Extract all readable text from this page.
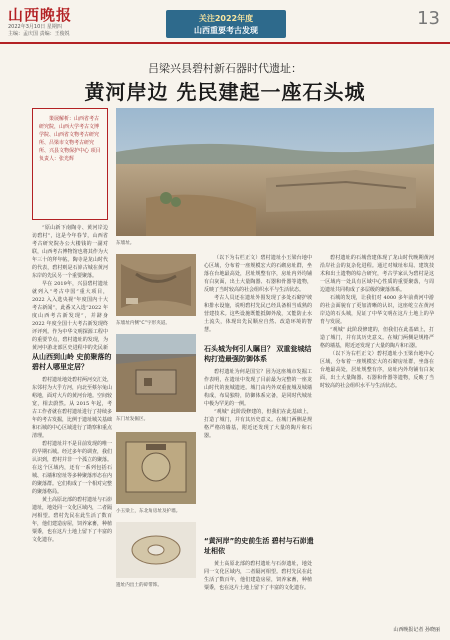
山西晚报
2022年3月10日 星期四
主编：孟庆国 责编：王俊锐
关注2022年度
山西重要考古发现
13
吕梁兴县碧村新石器时代遗址：
黄河岸边 先民建起一座石头城
策展解析：山西省考古研究院，山西大学考古文博学院、山西省文物考古研究所、吕梁市文物考古研究所、兴县文物保护中心 项目负责人：张光辉

“原山新下南陶寺、黄河岸边访碧村”，这是今年春节，山西省考古研究院办公大楼钱的一副对联，山西考古博物馆也将其作为大年三十的拜年帖。陶寺是龙山时代的代表，碧村则是石峁古城在黄河东岸的先民另一个重要聚落。

早在 2019年，兴县碧村遗址就列入“考古中国”重大项目，2022 入入选央视“年度国内十大考古新闻”，此番又入选“2022 年度山西考古新发现”，并跻身 2022 年度全国十大考古新发现终评评列。作为中华文明探源工程中的重要节点，碧村遗址的发现，为黄河中游北部区史进程中的先民新

从山西到山岭 史前聚落的碧村人哪里定居？

碧村遗址地处碧村两河交汇处，东邻村为大乎方河，向北至蔡尔兔山峪地，面对大片的黄河台地。空间较宽，相去蔚然。从 2015 年起，考古工作者就在碧村遗址进行了持续多年的考古发掘，比例于遗址城关基础和石城的中心区域进行了勘察和重点清理。

碧村遗址并不是目前发现的唯一的早期石城。经过多年的调查，我们认识到，碧村并非一个孤立的聚落。在这个区域内，还有一系列包括石城、石墙和窑址等多种聚落形态在内的聚落群。它们构成了一个相对完整的聚落格局。

黄土高原北部的碧村遗址与石峁遗址，地处同一文化区域内，二者隔河相望。碧村先民在此生活了数百年，他们建造房屋，饲养家畜，种植粟黍，也在这片土地上留下了丰富的文化遗存。

东墙址。
东墙址内侧“C”字形夹道。
东门址发掘区。
小玉梁上，东北角房址及护墙。
遗址内出土的碎带饰。

（以下为右栏正文）碧村遗址小玉梁台地中心区域，分布着一座规模宏大的石砌房址群，坐落在台地最高处，居址规整有序，房址内外均铺有白灰面，出土大量陶器、石器和骨器等遗物，反映了当时较高的社会组织水平与生活状态。

考古人员还在遗址外围发现了多处石砌护坡和排水设施，说明碧村先民已经具备相当成熟的营建技术。这些设施既能抵御外敌，又能防止水土流失，体现出先民顺应自然、改造环境的智慧。

石头城为何引人瞩目？ 双重瓮城结构打造最强防御体系

碧村遗址为何是国宝？因为这座城市发掘工作表明，在遗址中发现了目前最为完整的一座龙山时代的瓮城遗迹。城门由内外双重瓮城及城墙构成，布局独特，防御体系完备，是同时代城址中极为罕见的一例。

“观城” 此阶段修建的，但我们在此基础上，打造了城门，并有其历史意义。在城门两侧是规格严格的墙基，附近还发现了大量的陶片和石器。

“黄河岸”的史前生活 碧村与石峁遗址相依

黄土高原北部的碧村遗址与石峁遗址，地处同一文化区域内，二者隔河相望。碧村先民在此生活了数百年，他们建造房屋，饲养家畜，种植粟黍，也在这片土地上留下了丰富的文化遗存。

碧村遗址的石城营建体现了龙山时代晚期黄河沿岸社会的复杂化进程。通过对城址布局、建筑技术和出土遗物的综合研究，考古学家认为碧村是这一区域内一处具有区域中心性质的重要聚落，与周边遗址共同构成了多层级的聚落体系。

石城的发现，让我们对 4000 多年前黄河中游的社会面貌有了更加清晰的认识，这座屹立在黄河岸边的石头城，见证了中华文明在这片土地上的孕育与发展。

“观城” 此阶段修建的，但我们在此基础上，打造了城门，并有其历史意义。在城门两侧是规格严格的墙基，附近还发现了大量的陶片和石器。

（以下为右栏正文）碧村遗址小玉梁台地中心区域，分布着一座规模宏大的石砌房址群，坐落在台地最高处，居址规整有序，房址内外均铺有白灰面，出土大量陶器、石器和骨器等遗物，反映了当时较高的社会组织水平与生活状态。

山西晚报记者 孙晓丽
